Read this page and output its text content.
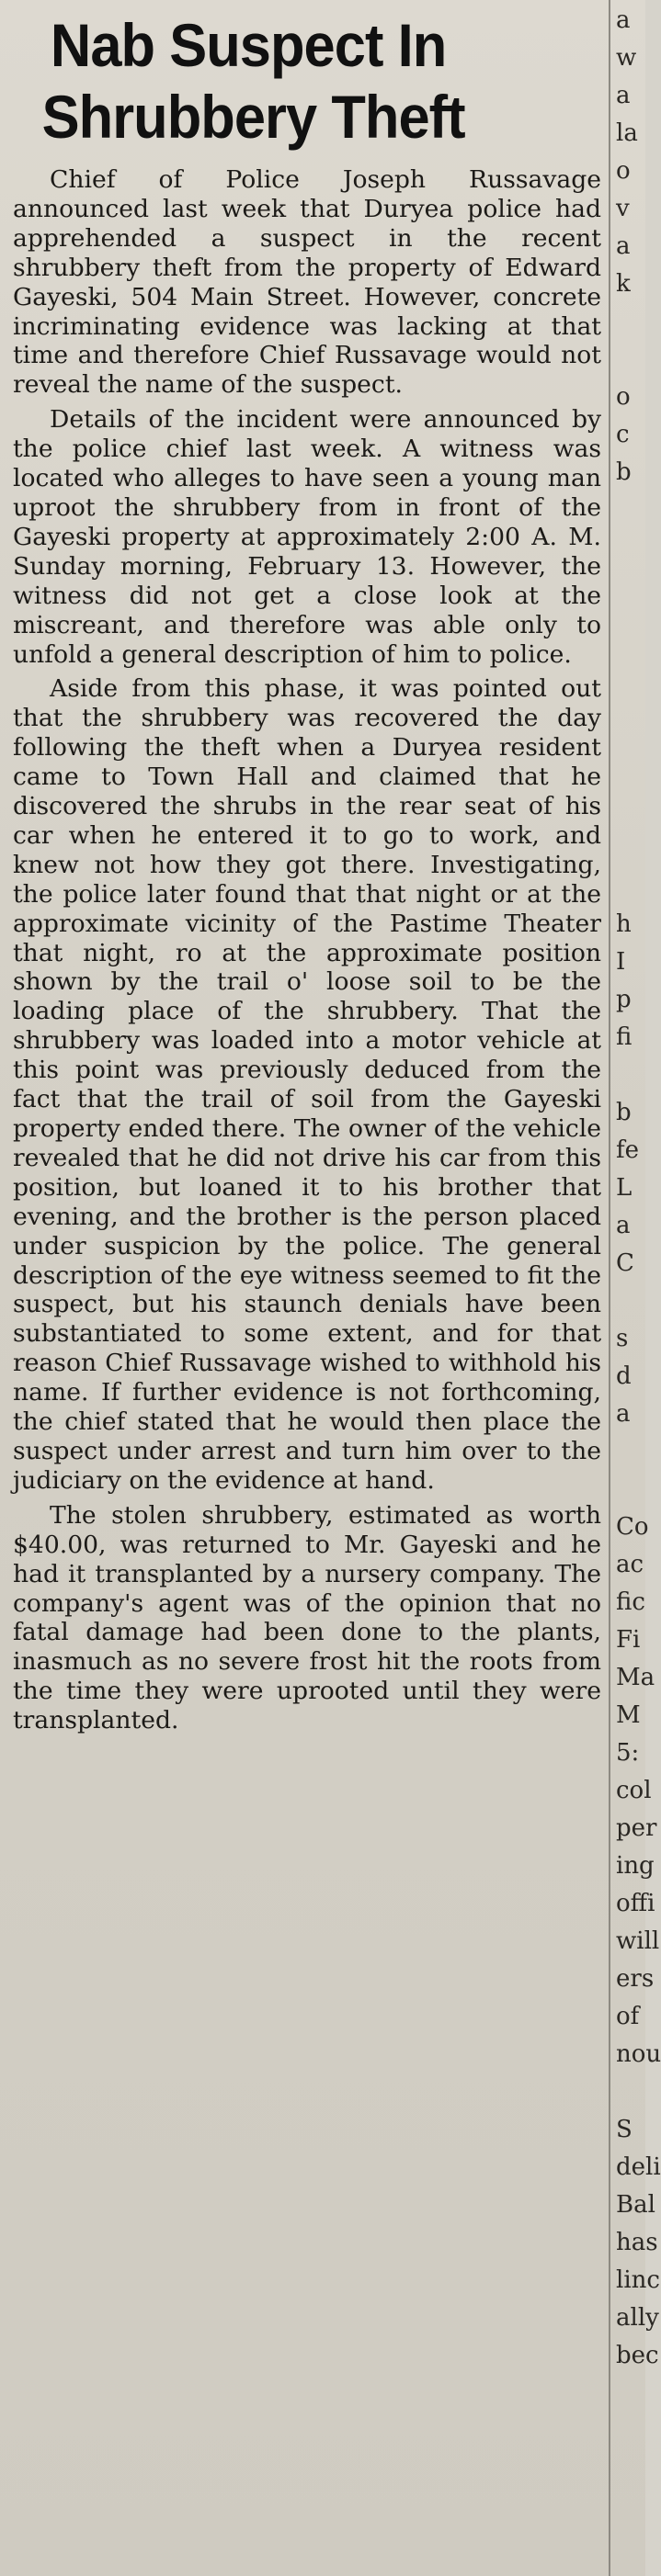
Nab Suspect In
Shrubbery Theft

Chief of Police Joseph Russavage announced last week that Duryea police had apprehended a suspect in the recent shrubbery theft from the property of Edward Gayeski, 504 Main Street. However, concrete incriminating evidence was lacking at that time and therefore Chief Russavage would not reveal the name of the suspect.

Details of the incident were announced by the police chief last week. A witness was located who alleges to have seen a young man uproot the shrubbery from in front of the Gayeski property at approximately 2:00 A. M. Sunday morning, February 13. However, the witness did not get a close look at the miscreant, and therefore was able only to unfold a general description of him to police.

Aside from this phase, it was pointed out that the shrubbery was recovered the day following the theft when a Duryea resident came to Town Hall and claimed that he discovered the shrubs in the rear seat of his car when he entered it to go to work, and knew not how they got there. Investigating, the police later found that that night or at the approximate vicinity of the Pastime Theater that night, ro at the approximate position shown by the trail o' loose soil to be the loading place of the shrubbery. That the shrubbery was loaded into a motor vehicle at this point was previously deduced from the fact that the trail of soil from the Gayeski property ended there. The owner of the vehicle revealed that he did not drive his car from this position, but loaned it to his brother that evening, and the brother is the person placed under suspicion by the police. The general description of the eye witness seemed to fit the suspect, but his staunch denials have been substantiated to some extent, and for that reason Chief Russavage wished to withhold his name. If further evidence is not forthcoming, the chief stated that he would then place the suspect under arrest and turn him over to the judiciary on the evidence at hand.

The stolen shrubbery, estimated as worth $40.00, was returned to Mr. Gayeski and he had it transplanted by a nursery company. The company's agent was of the opinion that no fatal damage had been done to the plants, inasmuch as no severe frost hit the roots from the time they were uprooted until they were transplanted.

a
w
a
la
o
v
a
k
o
c
b
h
I
p
fi
b
fe
L
a
C
s
d
a
Co
ac
fic
Fi
Ma
M
5:
col
per
ing
offi
will
ers
of
nou
S
deli
Bal
has
linc
ally
bec
